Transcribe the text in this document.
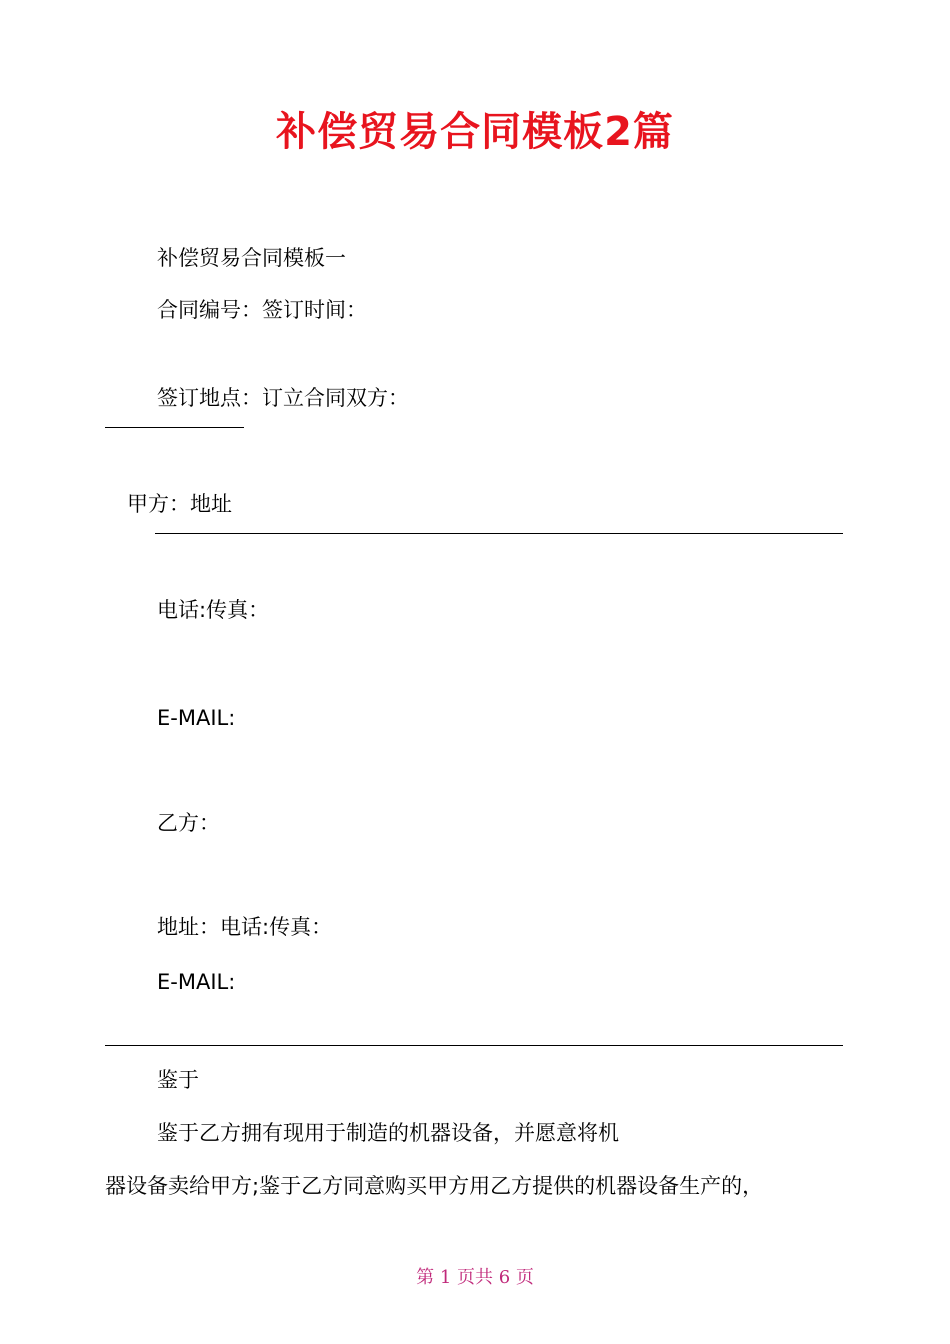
补偿贸易合同模板2篇
补偿贸易合同模板一
合同编号：签订时间：
签订地点：订立合同双方：
甲方：地址
电话:传真：
E-MAIL:
乙方：
地址：电话:传真：
E-MAIL:
鉴于
鉴于乙方拥有现用于制造的机器设备，并愿意将机
器设备卖给甲方;鉴于乙方同意购买甲方用乙方提供的机器设备生产的，
第 1 页共 6 页
